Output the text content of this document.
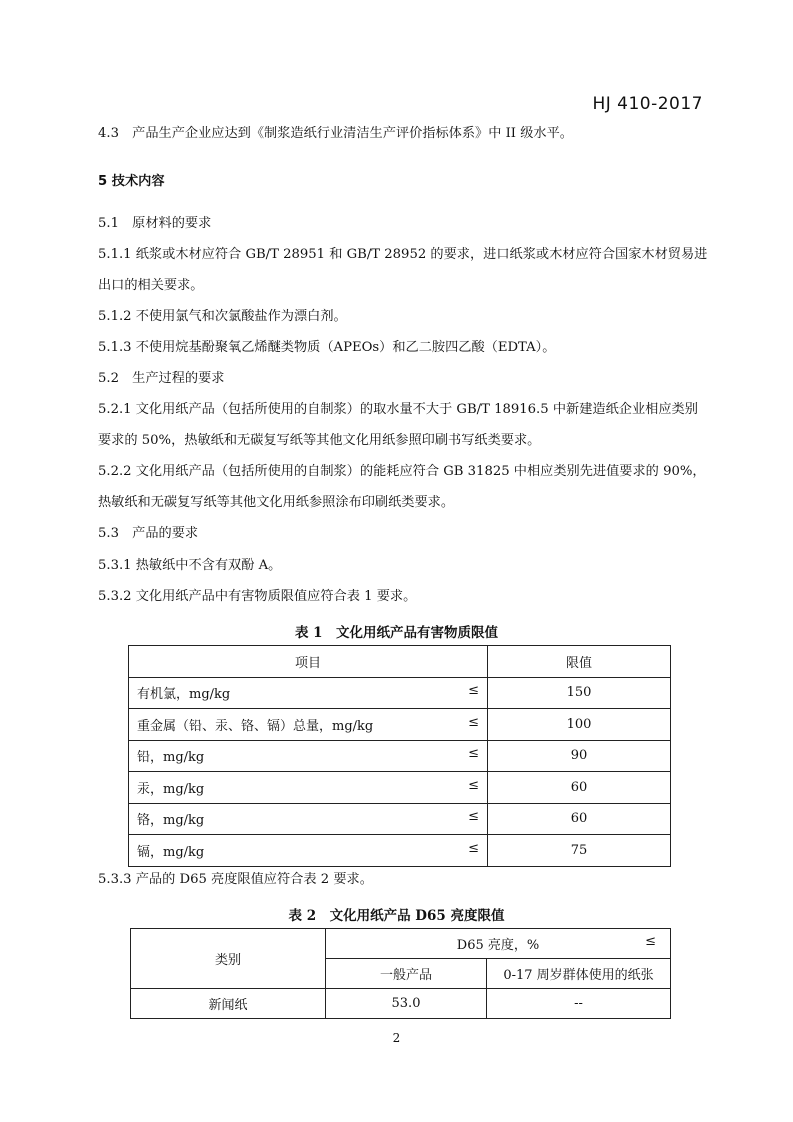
HJ 410-2017
4.3　产品生产企业应达到《制浆造纸行业清洁生产评价指标体系》中 II 级水平。
5 技术内容
5.1　原材料的要求
5.1.1 纸浆或木材应符合 GB/T 28951 和 GB/T 28952 的要求，进口纸浆或木材应符合国家木材贸易进
出口的相关要求。
5.1.2 不使用氯气和次氯酸盐作为漂白剂。
5.1.3 不使用烷基酚聚氧乙烯醚类物质（APEOs）和乙二胺四乙酸（EDTA）。
5.2　生产过程的要求
5.2.1 文化用纸产品（包括所使用的自制浆）的取水量不大于 GB/T 18916.5 中新建造纸企业相应类别
要求的 50%，热敏纸和无碳复写纸等其他文化用纸参照印刷书写纸类要求。
5.2.2 文化用纸产品（包括所使用的自制浆）的能耗应符合 GB 31825 中相应类别先进值要求的 90%，
热敏纸和无碳复写纸等其他文化用纸参照涂布印刷纸类要求。
5.3　产品的要求
5.3.1 热敏纸中不含有双酚 A。
5.3.2 文化用纸产品中有害物质限值应符合表 1 要求。
表 1　文化用纸产品有害物质限值
项目	限值
有机氯，mg/kg ≤	150
重金属（铅、汞、铬、镉）总量，mg/kg ≤	100
铅，mg/kg ≤	90
汞，mg/kg ≤	60
铬，mg/kg ≤	60
镉，mg/kg ≤	75
5.3.3 产品的 D65 亮度限值应符合表 2 要求。
表 2　文化用纸产品 D65 亮度限值
类别	D65 亮度，% ≤	

	一般产品	0-17 周岁群体使用的纸张
新闻纸	53.0	--
2
